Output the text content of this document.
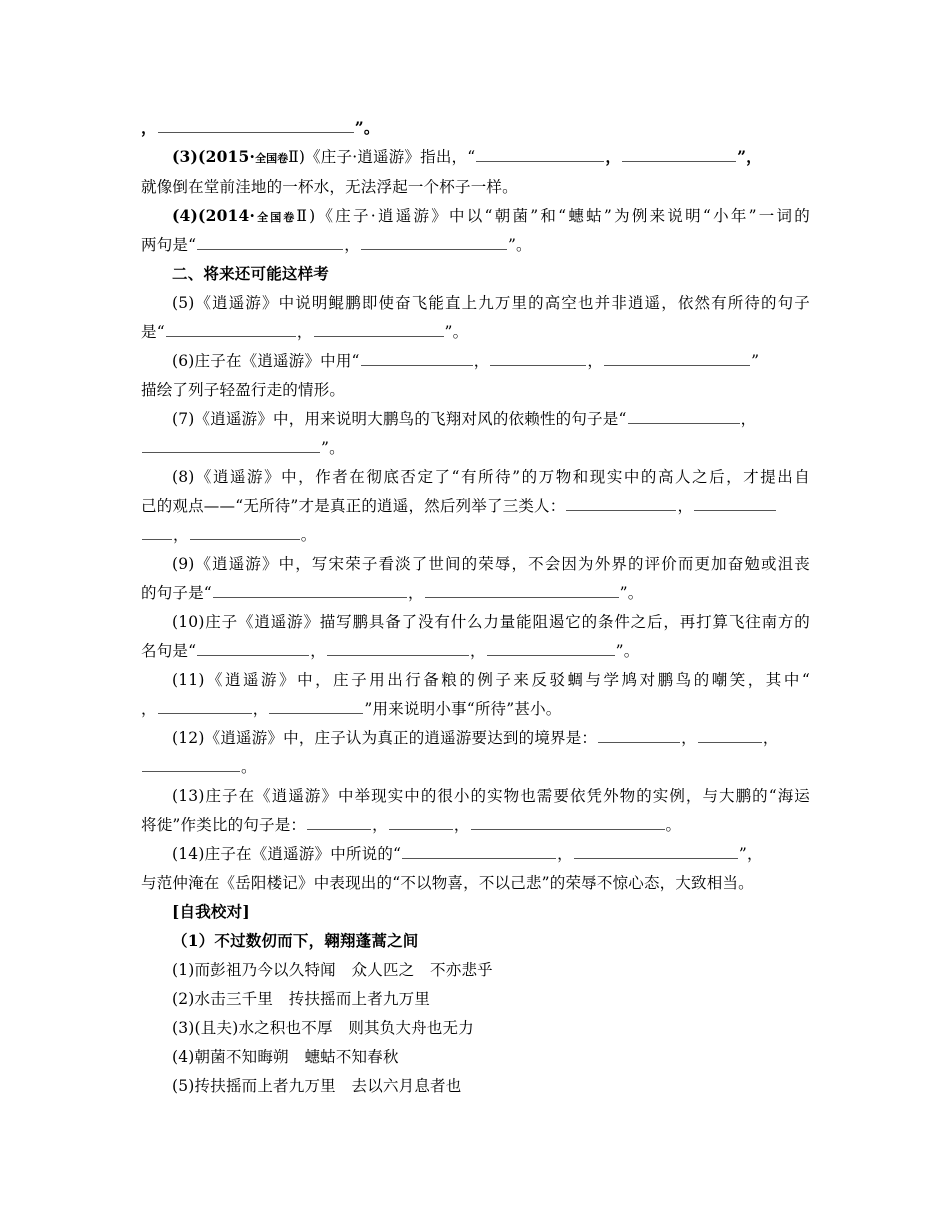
，	”。
(3)(2015·全国卷Ⅱ)《庄子·逍遥游》指出，“	，	”，
就像倒在堂前洼地的一杯水，无法浮起一个杯子一样。
(4)(2014·全国卷Ⅱ)《庄子·逍遥游》中以“朝菌”和“蟪蛄”为例来说明“小年”一词的
两句是“	，	”。
二、将来还可能这样考
(5)《逍遥游》中说明鲲鹏即使奋飞能直上九万里的高空也并非逍遥，依然有所待的句子
是“	，	”。
(6)庄子在《逍遥游》中用“	，	，	”
描绘了列子轻盈行走的情形。
(7)《逍遥游》中，用来说明大鹏鸟的飞翔对风的依赖性的句子是“	，
”。
(8)《逍遥游》中，作者在彻底否定了“有所待”的万物和现实中的高人之后，才提出自
己的观点——“无所待”才是真正的逍遥，然后列举了三类人：	，
，	。
(9)《逍遥游》中，写宋荣子看淡了世间的荣辱，不会因为外界的评价而更加奋勉或沮丧
的句子是“	，	”。
(10)庄子《逍遥游》描写鹏具备了没有什么力量能阻遏它的条件之后，再打算飞往南方的
名句是“	，	，	”。
(11)《逍遥游》中，庄子用出行备粮的例子来反驳蜩与学鸠对鹏鸟的嘲笑，其中“
，	，	”用来说明小事“所待”甚小。
(12)《逍遥游》中，庄子认为真正的逍遥游要达到的境界是：	，	，
。
(13)庄子在《逍遥游》中举现实中的很小的实物也需要依凭外物的实例，与大鹏的“海运
将徙”作类比的句子是：	，	，	。
(14)庄子在《逍遥游》中所说的“	，	”，
与范仲淹在《岳阳楼记》中表现出的“不以物喜，不以己悲”的荣辱不惊心态，大致相当。
[自我校对]
（1）不过数仞而下，翱翔蓬蒿之间
(1)而彭祖乃今以久特闻　众人匹之　不亦悲乎
(2)水击三千里　抟扶摇而上者九万里
(3)(且夫)水之积也不厚　则其负大舟也无力
(4)朝菌不知晦朔　蟪蛄不知春秋
(5)抟扶摇而上者九万里　去以六月息者也
